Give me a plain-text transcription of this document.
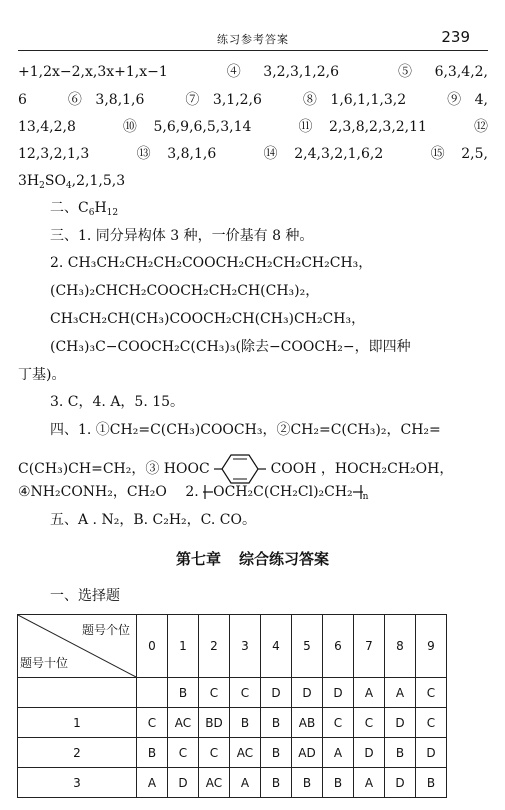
练习参考答案	239
+1,2x−2,x,3x+1,x−1　④3,2,3,1,2,6　⑤6,3,4,2,
6　⑥3,8,1,6　⑦3,1,2,6　⑧1,6,1,1,3,2　⑨4,
13,4,2,8　⑩5,6,9,6,5,3,14　⑪2,3,8,2,3,2,11　⑫
12,3,2,1,3　⑬3,8,1,6　⑭2,4,3,2,1,6,2　⑮2,5,
$3H_2SO_4,2,1,5,3$
二、$C_6H_{12}$
三、1. 同分异构体 3 种，一价基有 8 种。
2. CH₃CH₂CH₂CH₂COOCH₂CH₂CH₂CH₂CH₃，
(CH₃)₂CHCH₂COOCH₂CH₂CH(CH₃)₂，
CH₃CH₂CH(CH₃)COOCH₂CH(CH₃)CH₂CH₃，
(CH₃)₃C−COOCH₂C(CH₃)₃(除去−COOCH₂−，即四种
丁基)。
3. C，4. A，5. 15。
四、1. ①CH₂=C(CH₃)COOCH₃，②CH₂=C(CH₃)₂，CH₂=
C(CH₃)CH=CH₂，③ HOOC	COOH ，HOCH₂CH₂OH，
④NH₂CONH₂，CH₂O　 2. OCH₂C(CH₂Cl)₂CH₂ $_n$
五、A . N₂，B. C₂H₂，C. CO。
第七章 综合练习答案
一、选择题
题号个位
题号十位	0	1	2	3	4	5	6	7	8	9
		B	C	C	D	D	D	A	A	C
1	C	AC	BD	B	B	AB	C	C	D	C
2	B	C	C	AC	B	AD	A	D	B	D
3	A	D	AC	A	B	B	B	A	D	B
